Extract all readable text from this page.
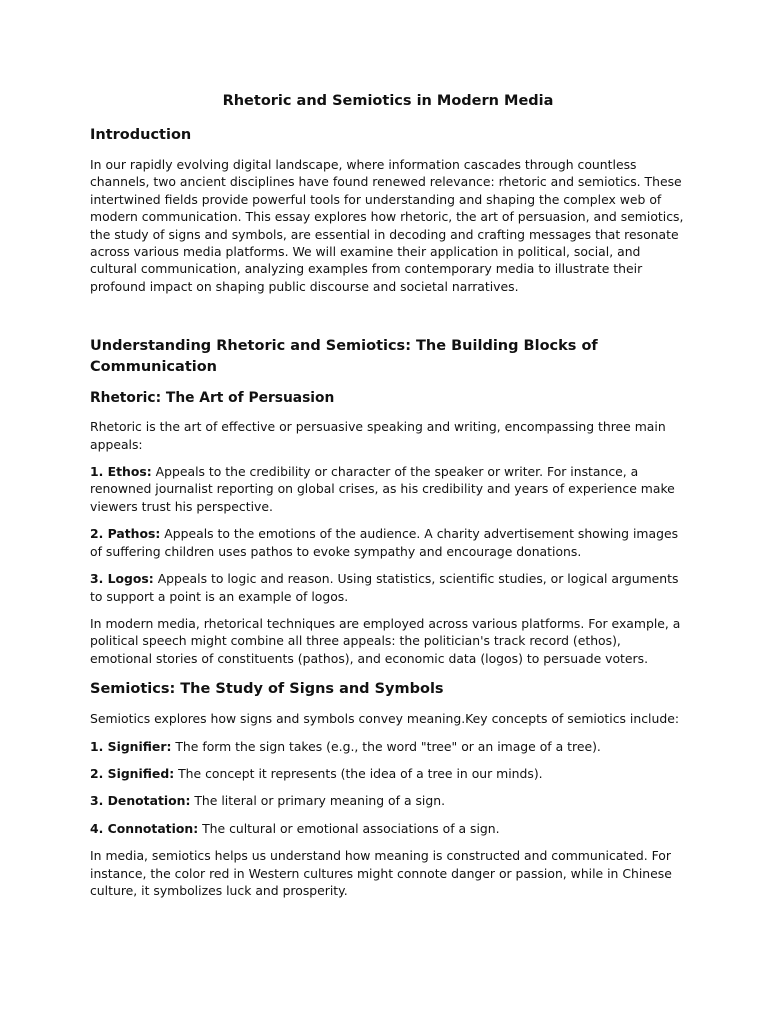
Rhetoric and Semiotics in Modern Media
Introduction

In our rapidly evolving digital landscape, where information cascades through countless channels, two ancient disciplines have found renewed relevance: rhetoric and semiotics. These intertwined fields provide powerful tools for understanding and shaping the complex web of modern communication. This essay explores how rhetoric, the art of persuasion, and semiotics, the study of signs and symbols, are essential in decoding and crafting messages that resonate across various media platforms. We will examine their application in political, social, and cultural communication, analyzing examples from contemporary media to illustrate their profound impact on shaping public discourse and societal narratives.

Understanding Rhetoric and Semiotics: The Building Blocks of Communication
Rhetoric: The Art of Persuasion

Rhetoric is the art of effective or persuasive speaking and writing, encompassing three main appeals:

1. Ethos: Appeals to the credibility or character of the speaker or writer. For instance, a renowned journalist reporting on global crises, as his credibility and years of experience make viewers trust his perspective.

2. Pathos: Appeals to the emotions of the audience. A charity advertisement showing images of suffering children uses pathos to evoke sympathy and encourage donations.

3. Logos: Appeals to logic and reason. Using statistics, scientific studies, or logical arguments to support a point is an example of logos.

In modern media, rhetorical techniques are employed across various platforms. For example, a political speech might combine all three appeals: the politician's track record (ethos), emotional stories of constituents (pathos), and economic data (logos) to persuade voters.

Semiotics: The Study of Signs and Symbols

Semiotics explores how signs and symbols convey meaning.Key concepts of semiotics include:

1. Signifier: The form the sign takes (e.g., the word "tree" or an image of a tree).

2. Signified: The concept it represents (the idea of a tree in our minds).

3. Denotation: The literal or primary meaning of a sign.

4. Connotation: The cultural or emotional associations of a sign.

In media, semiotics helps us understand how meaning is constructed and communicated. For instance, the color red in Western cultures might connote danger or passion, while in Chinese culture, it symbolizes luck and prosperity.
